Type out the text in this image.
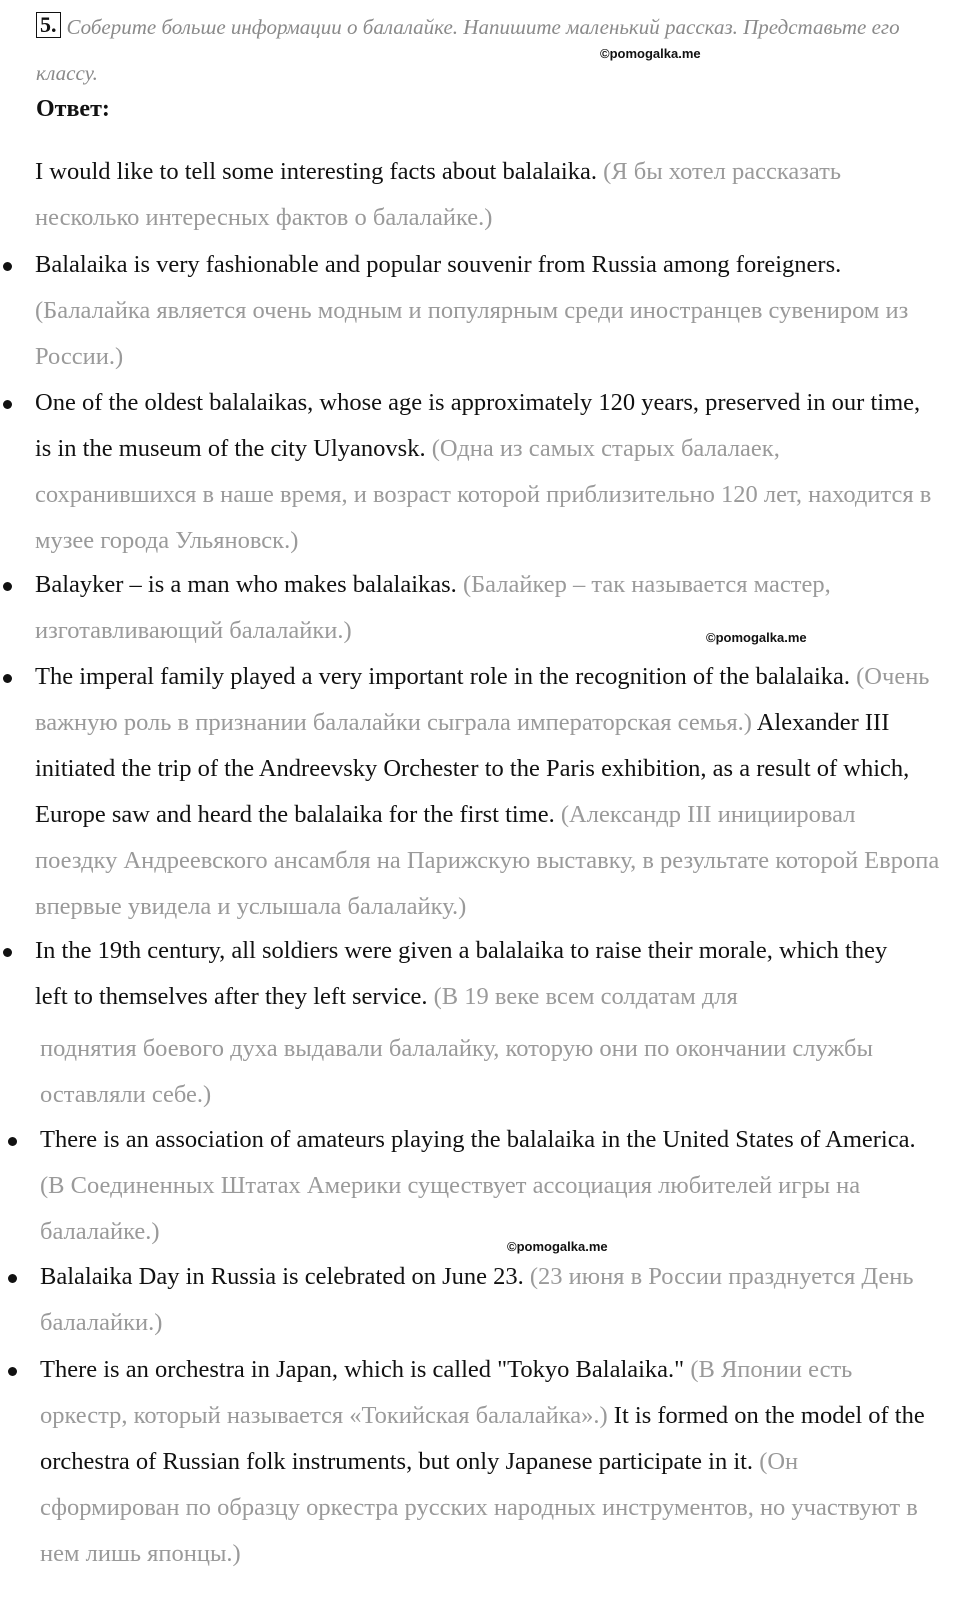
5. Соберите больше информации о балалайке. Напишите маленький рассказ. Представьте его классу.
©pomogalka.me
Ответ:
I would like to tell some interesting facts about balalaika. (Я бы хотел рассказать несколько интересных фактов о балалайке.)
Balalaika is very fashionable and popular souvenir from Russia among foreigners. (Балалайка является очень модным и популярным среди иностранцев сувениром из России.)
One of the oldest balalaikas, whose age is approximately 120 years, preserved in our time, is in the museum of the city Ulyanovsk. (Одна из самых старых балалаек, сохранившихся в наше время, и возраст которой приблизительно 120 лет, находится в музее города Ульяновск.)
Balayker – is a man who makes balalaikas. (Балайкер – так называется мастер, изготавливающий балалайки.)	©pomogalka.me
The imperal family played a very important role in the recognition of the balalaika. (Очень важную роль в признании балалайки сыграла императорская семья.) Alexander III initiated the trip of the Andreevsky Orchester to the Paris exhibition, as a result of which, Europe saw and heard the balalaika for the first time. (Александр III инициировал поездку Андреевского ансамбля на Парижскую выставку, в результате которой Европа впервые увидела и услышала балалайку.)
In the 19th century, all soldiers were given a balalaika to raise their morale, which they left to themselves after they left service. (В 19 веке всем солдатам для
поднятия боевого духа выдавали балалайку, которую они по окончании службы оставляли себе.)
There is an association of amateurs playing the balalaika in the United States of America. (В Соединенных Штатах Америки существует ассоциация любителей игры на балалайке.)
©pomogalka.me
Balalaika Day in Russia is celebrated on June 23. (23 июня в России празднуется День балалайки.)
There is an orchestra in Japan, which is called "Tokyo Balalaika." (В Японии есть оркестр, который называется «Токийская балалайка».) It is formed on the model of the orchestra of Russian folk instruments, but only Japanese participate in it. (Он сформирован по образцу оркестра русских народных инструментов, но участвуют в нем лишь японцы.)
